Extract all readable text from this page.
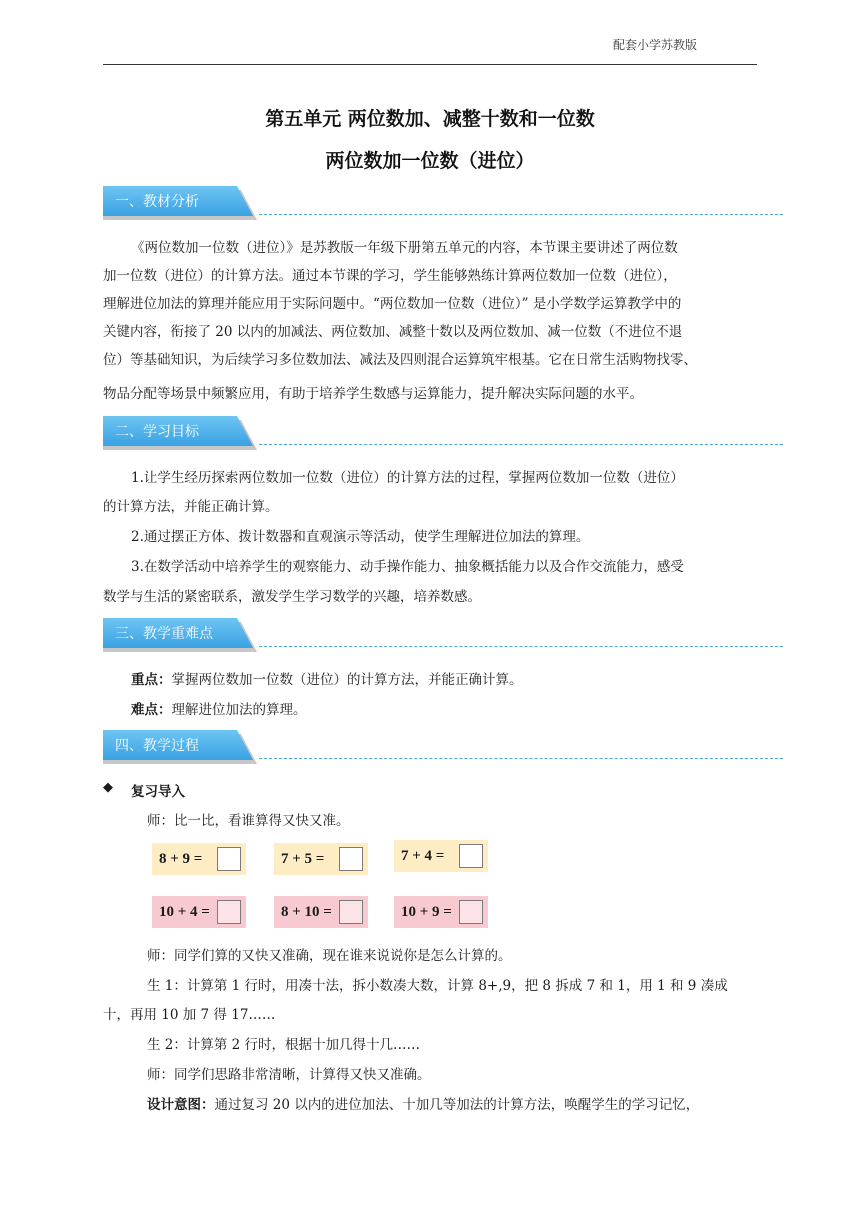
配套小学苏教版
第五单元 两位数加、减整十数和一位数
两位数加一位数（进位）
一、教材分析
《两位数加一位数（进位）》是苏教版一年级下册第五单元的内容，本节课主要讲述了两位数
加一位数（进位）的计算方法。通过本节课的学习，学生能够熟练计算两位数加一位数（进位），
理解进位加法的算理并能应用于实际问题中。“两位数加一位数（进位）” 是小学数学运算教学中的
关键内容，衔接了 20 以内的加减法、两位数加、减整十数以及两位数加、减一位数（不进位不退
位）等基础知识，为后续学习多位数加法、减法及四则混合运算筑牢根基。它在日常生活购物找零、
物品分配等场景中频繁应用，有助于培养学生数感与运算能力，提升解决实际问题的水平。
二、学习目标
1.让学生经历探索两位数加一位数（进位）的计算方法的过程，掌握两位数加一位数（进位）
的计算方法，并能正确计算。
2.通过摆正方体、拨计数器和直观演示等活动，使学生理解进位加法的算理。
3.在数学活动中培养学生的观察能力、动手操作能力、抽象概括能力以及合作交流能力，感受
数学与生活的紧密联系，激发学生学习数学的兴趣，培养数感。
三、教学重难点
重点：掌握两位数加一位数（进位）的计算方法，并能正确计算。
难点：理解进位加法的算理。
四、教学过程
◆ 复习导入
师：比一比，看谁算得又快又准。
8 + 9 =	7 + 5 =	7 + 4 =
10 + 4 =	8 + 10 =	10 + 9 =
师：同学们算的又快又准确，现在谁来说说你是怎么计算的。
生 1：计算第 1 行时，用凑十法，拆小数凑大数，计算 8+,9，把 8 拆成 7 和 1，用 1 和 9 凑成
十，再用 10 加 7 得 17……
生 2：计算第 2 行时，根据十加几得十几……
师：同学们思路非常清晰，计算得又快又准确。
设计意图：通过复习 20 以内的进位加法、十加几等加法的计算方法，唤醒学生的学习记忆，
